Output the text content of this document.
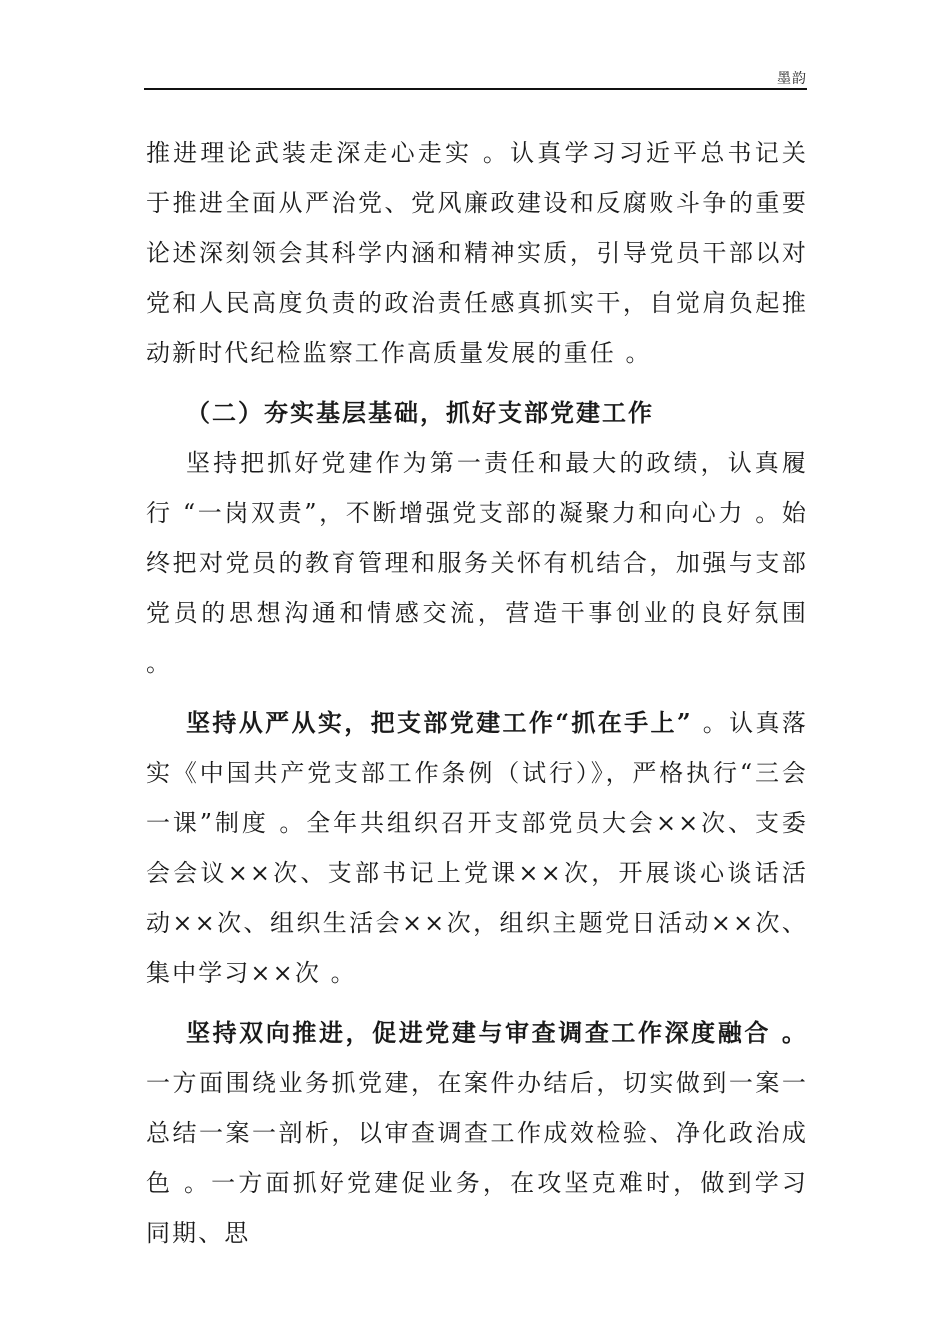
墨韵

推进理论武装走深走心走实 。认真学习习近平总书记关于推进全面从严治党、党风廉政建设和反腐败斗争的重要论述深刻领会其科学内涵和精神实质，引导党员干部以对党和人民高度负责的政治责任感真抓实干，自觉肩负起推动新时代纪检监察工作高质量发展的重任 。

（二）夯实基层基础，抓好支部党建工作

坚持把抓好党建作为第一责任和最大的政绩，认真履行 “一岗双责”，不断增强党支部的凝聚力和向心力 。始终把对党员的教育管理和服务关怀有机结合，加强与支部党员的思想沟通和情感交流，营造干事创业的良好氛围 。

坚持从严从实，把支部党建工作“抓在手上” 。认真落实《中国共产党支部工作条例（试行）》，严格执行“三会一课”制度 。全年共组织召开支部党员大会××次、支委会会议××次、支部书记上党课××次，开展谈心谈话活动××次、组织生活会××次，组织主题党日活动××次、集中学习××次 。

坚持双向推进，促进党建与审查调查工作深度融合 。一方面围绕业务抓党建，在案件办结后，切实做到一案一总结一案一剖析，以审查调查工作成效检验、净化政治成色 。一方面抓好党建促业务，在攻坚克难时，做到学习同期、思
